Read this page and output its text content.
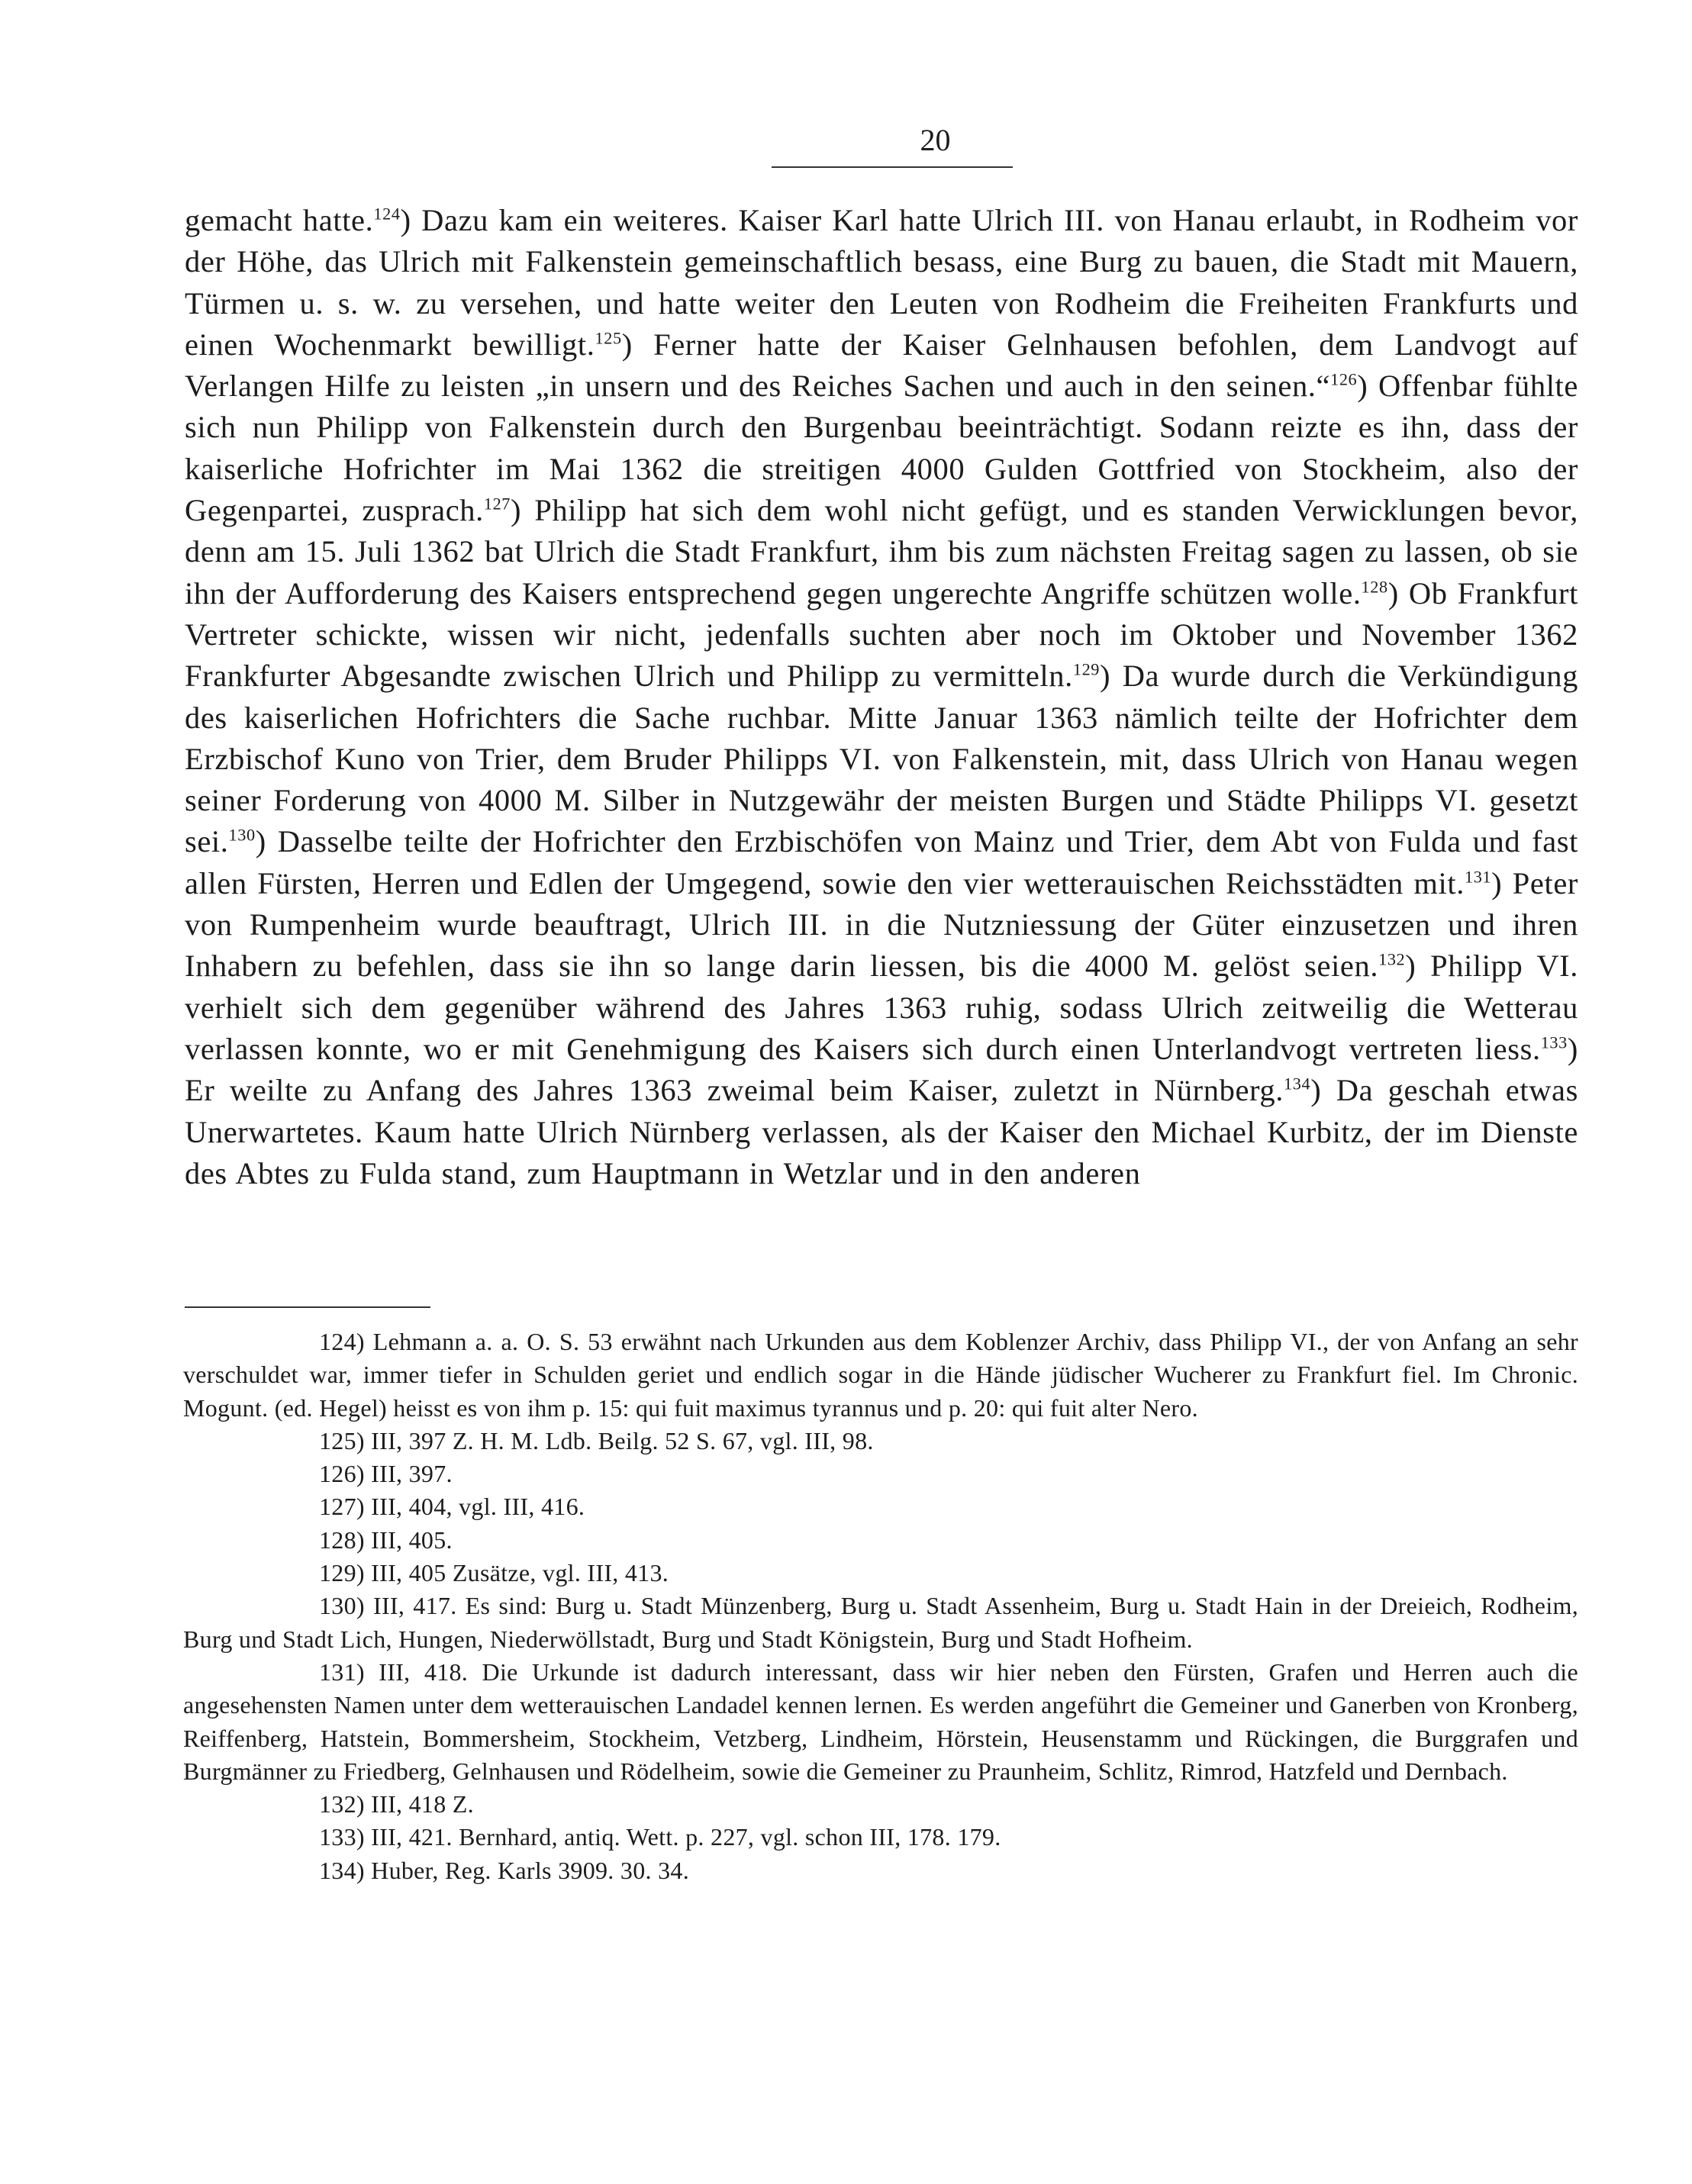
20

gemacht hatte.$^{124}$) Dazu kam ein weiteres. Kaiser Karl hatte Ulrich III. von Hanau erlaubt, in Rodheim vor der Höhe, das Ulrich mit Falkenstein gemeinschaftlich besass, eine Burg zu bauen, die Stadt mit Mauern, Türmen u. s. w. zu versehen, und hatte weiter den Leuten von Rodheim die Freiheiten Frankfurts und einen Wochenmarkt bewilligt.$^{125}$) Ferner hatte der Kaiser Gelnhausen befohlen, dem Landvogt auf Verlangen Hilfe zu leisten „in unsern und des Reiches Sachen und auch in den seinen.“$^{126}$) Offenbar fühlte sich nun Philipp von Falkenstein durch den Burgenbau beeinträchtigt. Sodann reizte es ihn, dass der kaiserliche Hofrichter im Mai 1362 die streitigen 4000 Gulden Gottfried von Stockheim, also der Gegenpartei, zusprach.$^{127}$) Philipp hat sich dem wohl nicht gefügt, und es standen Verwicklungen bevor, denn am 15. Juli 1362 bat Ulrich die Stadt Frankfurt, ihm bis zum nächsten Freitag sagen zu lassen, ob sie ihn der Aufforderung des Kaisers entsprechend gegen ungerechte Angriffe schützen wolle.$^{128}$) Ob Frankfurt Vertreter schickte, wissen wir nicht, jedenfalls suchten aber noch im Oktober und November 1362 Frankfurter Abgesandte zwischen Ulrich und Philipp zu vermitteln.$^{129}$) Da wurde durch die Verkündigung des kaiserlichen Hofrichters die Sache ruchbar. Mitte Januar 1363 nämlich teilte der Hofrichter dem Erzbischof Kuno von Trier, dem Bruder Philipps VI. von Falkenstein, mit, dass Ulrich von Hanau wegen seiner Forderung von 4000 M. Silber in Nutzgewähr der meisten Burgen und Städte Philipps VI. gesetzt sei.$^{130}$) Dasselbe teilte der Hofrichter den Erzbischöfen von Mainz und Trier, dem Abt von Fulda und fast allen Fürsten, Herren und Edlen der Umgegend, sowie den vier wetterauischen Reichsstädten mit.$^{131}$) Peter von Rumpenheim wurde beauftragt, Ulrich III. in die Nutzniessung der Güter einzusetzen und ihren Inhabern zu befehlen, dass sie ihn so lange darin liessen, bis die 4000 M. gelöst seien.$^{132}$) Philipp VI. verhielt sich dem gegenüber während des Jahres 1363 ruhig, sodass Ulrich zeitweilig die Wetterau verlassen konnte, wo er mit Genehmigung des Kaisers sich durch einen Unterlandvogt vertreten liess.$^{133}$) Er weilte zu Anfang des Jahres 1363 zweimal beim Kaiser, zuletzt in Nürnberg.$^{134}$) Da geschah etwas Unerwartetes. Kaum hatte Ulrich Nürnberg verlassen, als der Kaiser den Michael Kurbitz, der im Dienste des Abtes zu Fulda stand, zum Hauptmann in Wetzlar und in den anderen

124) Lehmann a. a. O. S. 53 erwähnt nach Urkunden aus dem Koblenzer Archiv, dass Philipp VI., der von Anfang an sehr verschuldet war, immer tiefer in Schulden geriet und endlich sogar in die Hände jüdischer Wucherer zu Frankfurt fiel. Im Chronic. Mogunt. (ed. Hegel) heisst es von ihm p. 15: qui fuit maximus tyrannus und p. 20: qui fuit alter Nero.

125) III, 397 Z. H. M. Ldb. Beilg. 52 S. 67, vgl. III, 98.

126) III, 397.

127) III, 404, vgl. III, 416.

128) III, 405.

129) III, 405 Zusätze, vgl. III, 413.

130) III, 417. Es sind: Burg u. Stadt Münzenberg, Burg u. Stadt Assenheim, Burg u. Stadt Hain in der Dreieich, Rodheim, Burg und Stadt Lich, Hungen, Niederwöllstadt, Burg und Stadt Königstein, Burg und Stadt Hofheim.

131) III, 418. Die Urkunde ist dadurch interessant, dass wir hier neben den Fürsten, Grafen und Herren auch die angesehensten Namen unter dem wetterauischen Landadel kennen lernen. Es werden angeführt die Gemeiner und Ganerben von Kronberg, Reiffenberg, Hatstein, Bommersheim, Stockheim, Vetzberg, Lindheim, Hörstein, Heusenstamm und Rückingen, die Burggrafen und Burgmänner zu Friedberg, Gelnhausen und Rödelheim, sowie die Gemeiner zu Praunheim, Schlitz, Rimrod, Hatzfeld und Dernbach.

132) III, 418 Z.

133) III, 421. Bernhard, antiq. Wett. p. 227, vgl. schon III, 178. 179.

134) Huber, Reg. Karls 3909. 30. 34.
